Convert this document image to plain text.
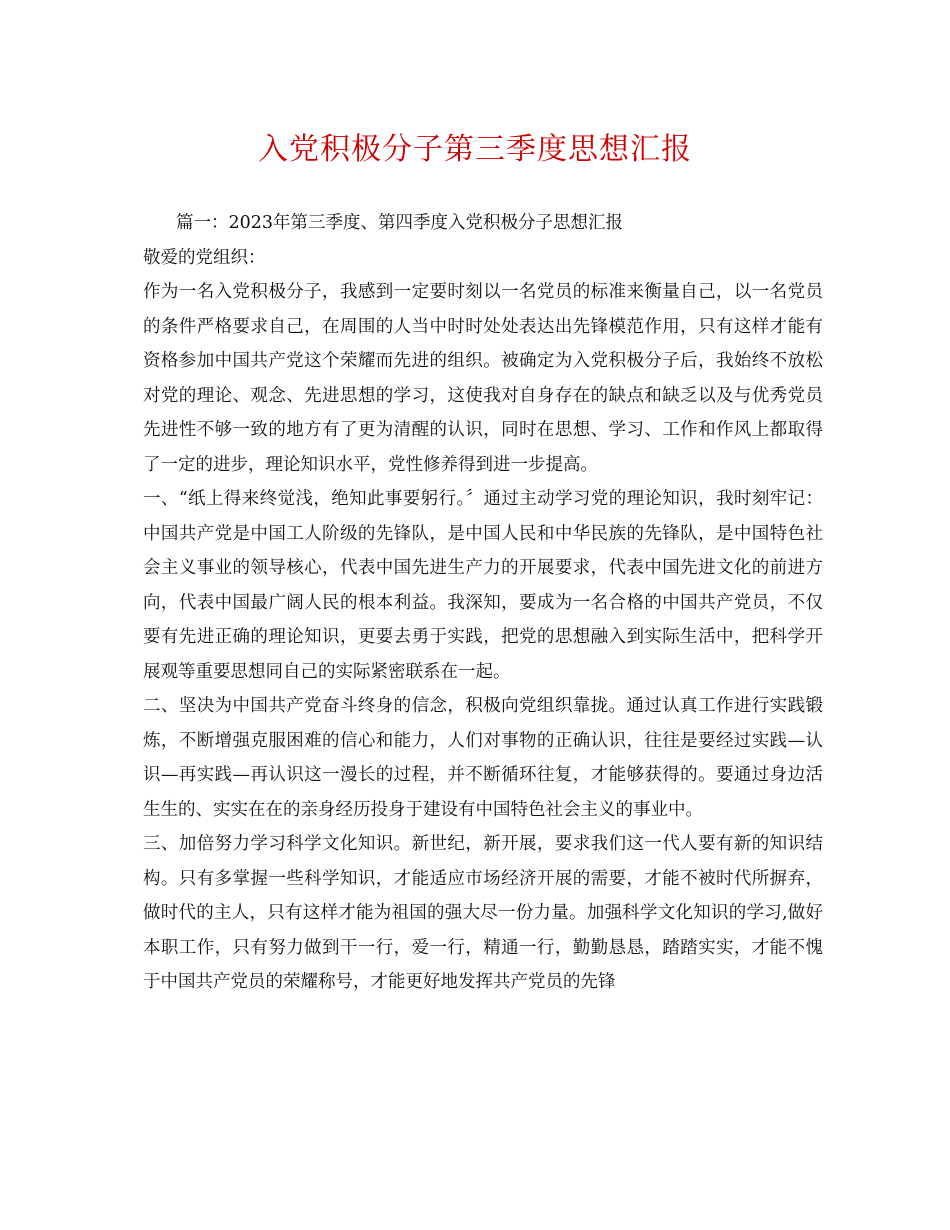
入党积极分子第三季度思想汇报

篇一：2023年第三季度、第四季度入党积极分子思想汇报

敬爱的党组织：

作为一名入党积极分子，我感到一定要时刻以一名党员的标准来衡量自己，以一名党员的条件严格要求自己，在周围的人当中时时处处表达出先锋模范作用，只有这样才能有资格参加中国共产党这个荣耀而先进的组织。被确定为入党积极分子后，我始终不放松对党的理论、观念、先进思想的学习，这使我对自身存在的缺点和缺乏以及与优秀党员先进性不够一致的地方有了更为清醒的认识，同时在思想、学习、工作和作风上都取得了一定的进步，理论知识水平，党性修养得到进一步提高。

一、“纸上得来终觉浅，绝知此事要躬行。〞通过主动学习党的理论知识，我时刻牢记：中国共产党是中国工人阶级的先锋队，是中国人民和中华民族的先锋队，是中国特色社会主义事业的领导核心，代表中国先进生产力的开展要求，代表中国先进文化的前进方向，代表中国最广阔人民的根本利益。我深知，要成为一名合格的中国共产党员，不仅要有先进正确的理论知识，更要去勇于实践，把党的思想融入到实际生活中，把科学开展观等重要思想同自己的实际紧密联系在一起。

二、坚决为中国共产党奋斗终身的信念，积极向党组织靠拢。通过认真工作进行实践锻炼，不断增强克服困难的信心和能力，人们对事物的正确认识，往往是要经过实践—认识—再实践—再认识这一漫长的过程，并不断循环往复，才能够获得的。要通过身边活生生的、实实在在的亲身经历投身于建设有中国特色社会主义的事业中。

三、加倍努力学习科学文化知识。新世纪，新开展，要求我们这一代人要有新的知识结构。只有多掌握一些科学知识，才能适应市场经济开展的需要，才能不被时代所摒弃，做时代的主人，只有这样才能为祖国的强大尽一份力量。加强科学文化知识的学习,做好本职工作，只有努力做到干一行，爱一行，精通一行，勤勤恳恳，踏踏实实，才能不愧于中国共产党员的荣耀称号，才能更好地发挥共产党员的先锋
